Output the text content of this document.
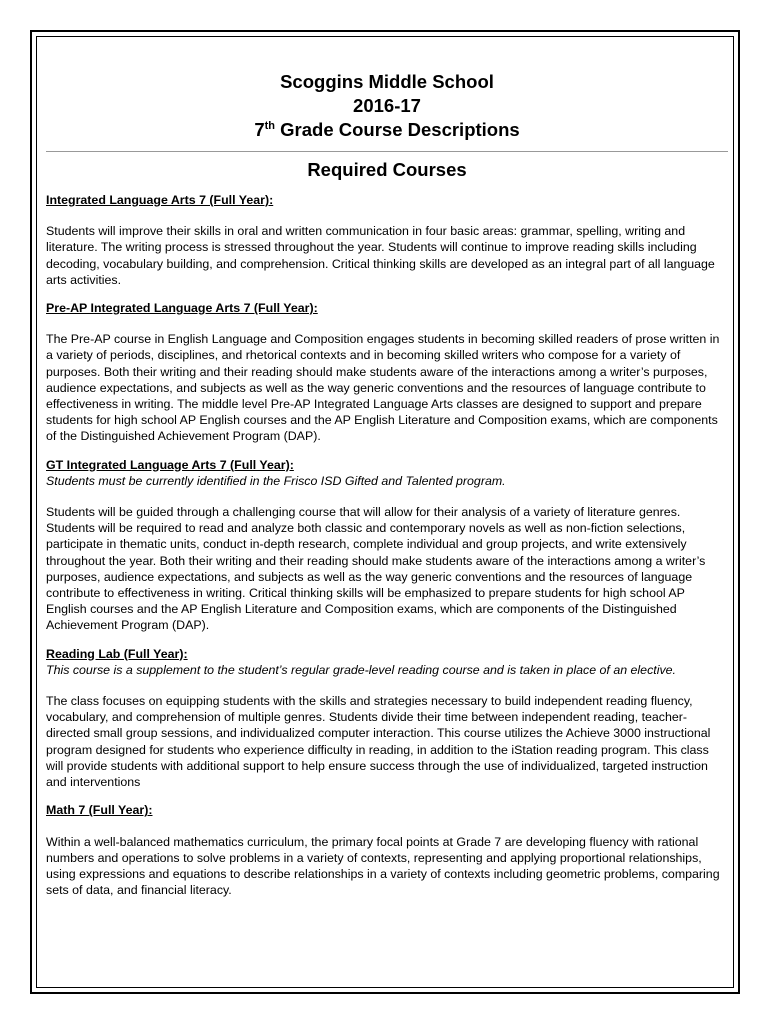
Scoggins Middle School

2016-17

7th Grade Course Descriptions

Required Courses

Integrated Language Arts 7 (Full Year):

Students will improve their skills in oral and written communication in four basic areas: grammar, spelling, writing and literature. The writing process is stressed throughout the year. Students will continue to improve reading skills including decoding, vocabulary building, and comprehension. Critical thinking skills are developed as an integral part of all language arts activities.

Pre-AP Integrated Language Arts 7 (Full Year):

The Pre-AP course in English Language and Composition engages students in becoming skilled readers of prose written in a variety of periods, disciplines, and rhetorical contexts and in becoming skilled writers who compose for a variety of purposes. Both their writing and their reading should make students aware of the interactions among a writer’s purposes, audience expectations, and subjects as well as the way generic conventions and the resources of language contribute to effectiveness in writing. The middle level Pre-AP Integrated Language Arts classes are designed to support and prepare students for high school AP English courses and the AP English Literature and Composition exams, which are components of the Distinguished Achievement Program (DAP).

GT Integrated Language Arts 7 (Full Year):

Students must be currently identified in the Frisco ISD Gifted and Talented program.

Students will be guided through a challenging course that will allow for their analysis of a variety of literature genres. Students will be required to read and analyze both classic and contemporary novels as well as non-fiction selections, participate in thematic units, conduct in-depth research, complete individual and group projects, and write extensively throughout the year. Both their writing and their reading should make students aware of the interactions among a writer’s purposes, audience expectations, and subjects as well as the way generic conventions and the resources of language contribute to effectiveness in writing. Critical thinking skills will be emphasized to prepare students for high school AP English courses and the AP English Literature and Composition exams, which are components of the Distinguished Achievement Program (DAP).

Reading Lab (Full Year):

This course is a supplement to the student’s regular grade-level reading course and is taken in place of an elective.

The class focuses on equipping students with the skills and strategies necessary to build independent reading fluency, vocabulary, and comprehension of multiple genres. Students divide their time between independent reading, teacher-directed small group sessions, and individualized computer interaction. This course utilizes the Achieve 3000 instructional program designed for students who experience difficulty in reading, in addition to the iStation reading program. This class will provide students with additional support to help ensure success through the use of individualized, targeted instruction and interventions

Math 7 (Full Year):

Within a well-balanced mathematics curriculum, the primary focal points at Grade 7 are developing fluency with rational numbers and operations to solve problems in a variety of contexts, representing and applying proportional relationships, using expressions and equations to describe relationships in a variety of contexts including geometric problems, comparing sets of data, and financial literacy.
